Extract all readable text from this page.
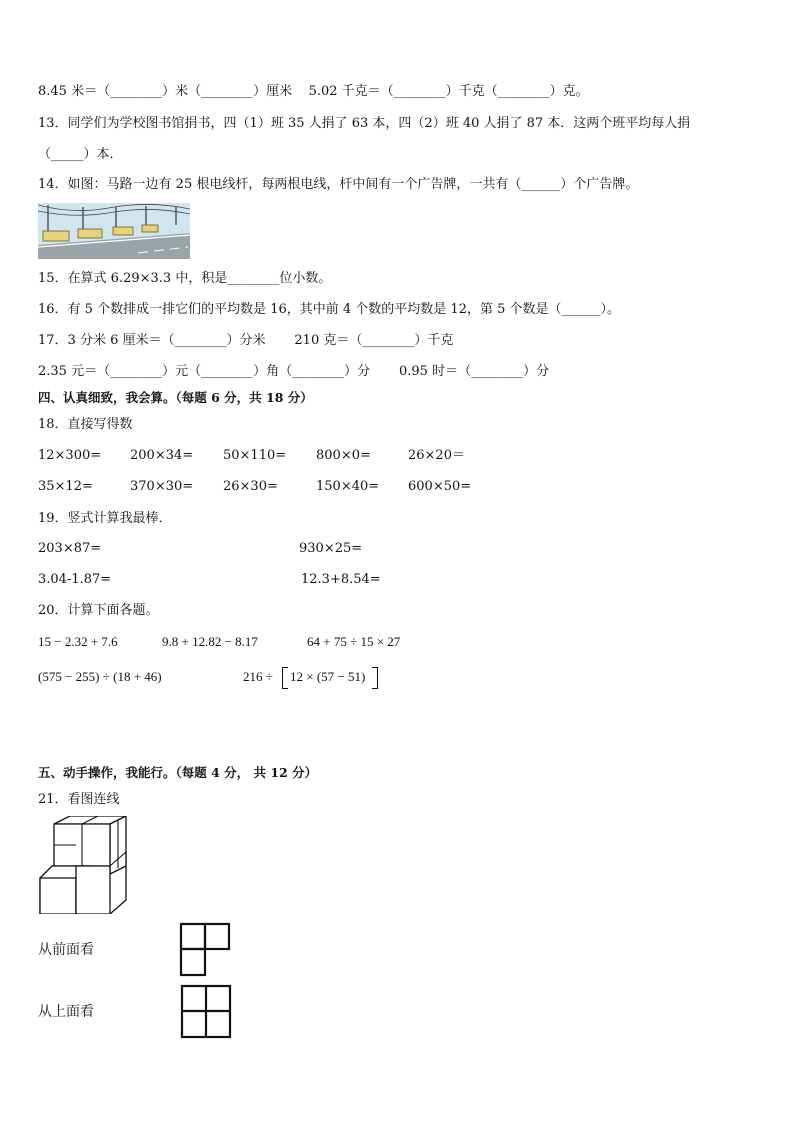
8.45 米＝（________）米（________）厘米    5.02 千克＝（________）千克（________）克。
13．同学们为学校图书馆捐书，四（1）班 35 人捐了 63 本，四（2）班 40 人捐了 87 本．这两个班平均每人捐
（_____）本．
14．如图：马路一边有 25 根电线杆，每两根电线，杆中间有一个广告牌，一共有（______）个广告牌。
15．在算式 6.29×3.3 中，积是________位小数。
16．有 5 个数排成一排它们的平均数是 16，其中前 4 个数的平均数是 12，第 5 个数是（______）。
17．3 分米 6 厘米＝（________）分米       210 克＝（________）千克
2.35 元＝（________）元（________）角（________）分       0.95 时＝（________）分
四、认真细致，我会算。（每题 6 分，共 18 分）
18．直接写得数
12×300= 200×34= 50×110= 800×0=	26×20＝
35×12=	370×30= 26×30=	150×40= 600×50=
19．竖式计算我最棒．
203×87=	930×25=
3.04-1.87=	12.3+8.54=
20．计算下面各题。
15 − 2.32 + 7.6	9.8 + 12.82 − 8.17	64 + 75 ÷ 15 × 27
(575 − 255) ÷ (18 + 46)	216 ÷ 12 × (57 − 51)
五、动手操作，我能行。（每题 4 分， 共 12 分）
21．看图连线
从前面看
从上面看
